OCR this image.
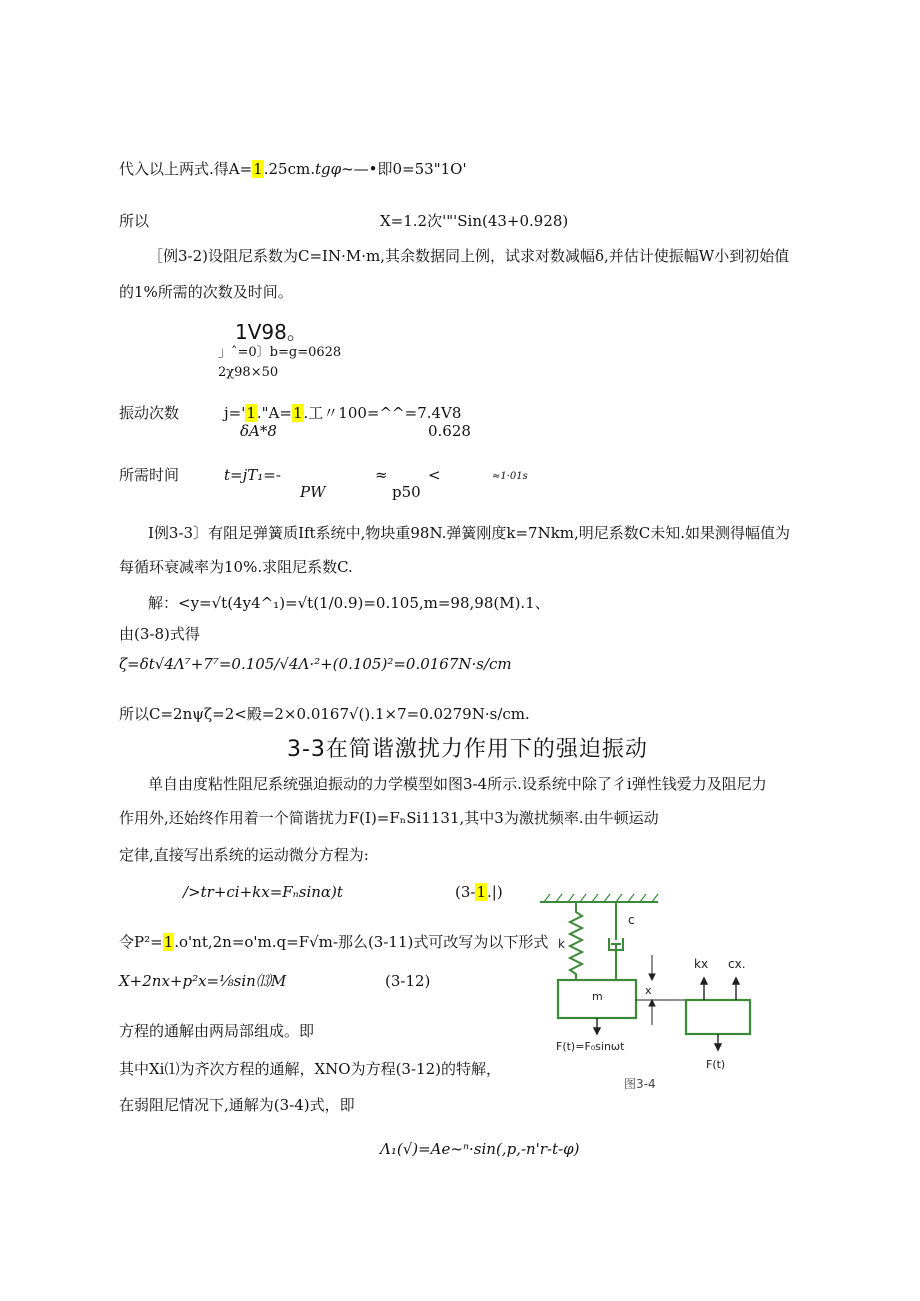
代入以上两式.得A=1.25cm.tgφ~—•即0=53"1O'
所以	X=1.2次'"'Sin(43+0.928)
［例3-2)设阻尼系数为C=IN·M·m,其余数据同上例，试求对数减幅δ,并估计使振幅W小到初始值
的1%所需的次数及时间。
1V98。
」ˆ=0〕b=g=0628
2χ98×50
振动次数	j='1."A=1.工〃100=^^=7.4V8
δA*8	0.628
所需时间	t=jT₁=-	≈	<	≈1·01s
PW	p50
I例3-3〕有阻足弹簧质Ift系统中,物块重98N.弹簧刚度k=7Nkm,明尼系数C未知.如果测得幅值为
每循环衰减率为10%.求阻尼系数C.
解：<y=√t(4y4^₁)=√t(1/0.9)=0.105,m=98,98(M).1、
由(3-8)式得
ζ=δt√4Λ⁷+7⁷=0.105/√4Λ·²+(0.105)²=0.0167N·s/cm
所以C=2nψζ=2<殿=2×0.0167√().1×7=0.0279N·s/cm.
3-3在简谐激扰力作用下的强迫振动
单自由度粘性阻尼系统强迫振动的力学模型如图3-4所示.设系统中除了彳i弹性钱爱力及阻尼力
作用外,还始终作用着一个简谐扰力F(I)=FₙSi1131,其中3为激扰频率.由牛顿运动
定律,直接写出系统的运动微分方程为:
/>tr+ci+kx=Fₙsinα)t	(3-1.|)
令P²=1.o'nt,2n=o'm.q=F√m-那么(3-11)式可改写为以下形式
X+2nx+p²x=⅛sin⒀M	(3-12)
方程的通解由两局部组成。即
其中Xi⑴为齐次方程的通解，XNO为方程(3-12)的特解，
在弱阻尼情况下,通解为(3-4)式，即
Λ₁(√)=Ae~ⁿ·sin(,p,-n'r-t-φ)
k
c
m	x
kx cx.
F(t)=F₀sinωt
F(t)
图3-4
